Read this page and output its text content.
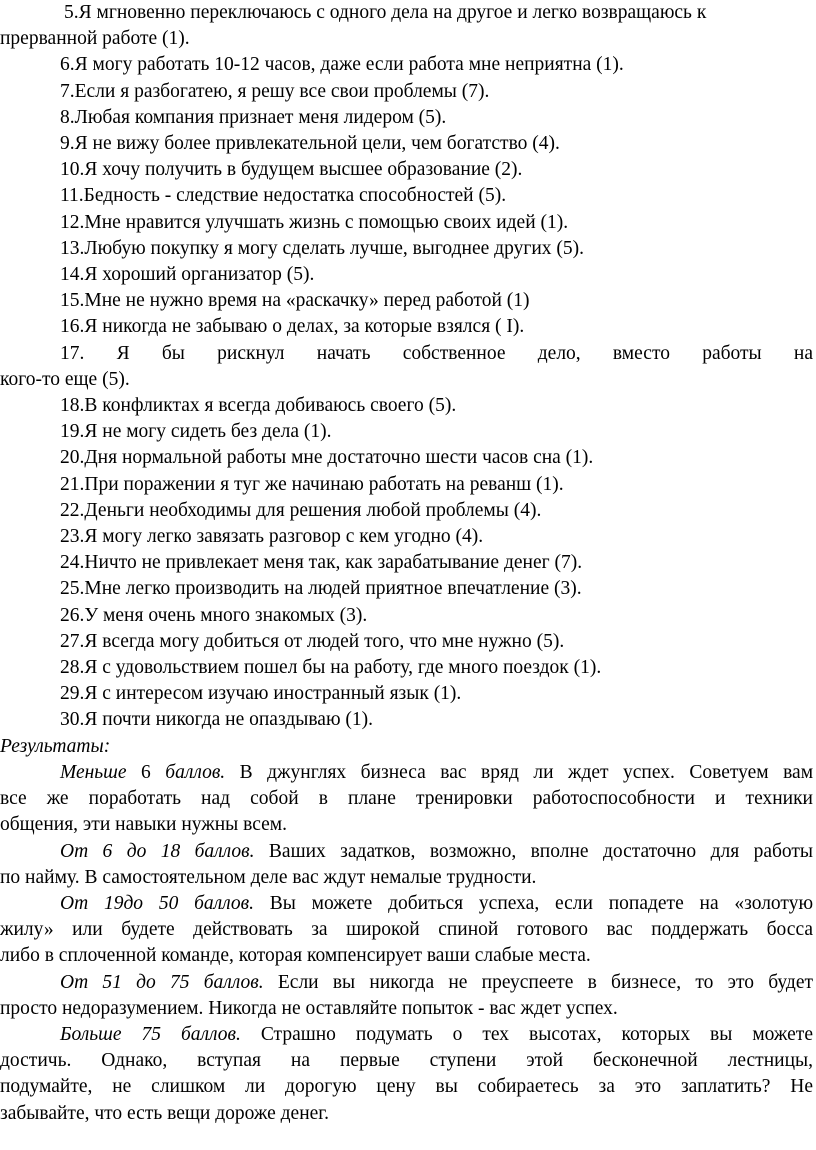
5.Я мгновенно переключаюсь с одного дела на другое и легко возвращаюсь к

прерванной работе (1).

6.Я могу работать 10-12 часов, даже если работа мне неприятна (1).

7.Если я разбогатею, я решу все свои проблемы (7).

8.Любая компания признает меня лидером (5).

9.Я не вижу более привлекательной цели, чем богатство (4).

10.Я хочу получить в будущем высшее образование (2).

11.Бедность - следствие недостатка способностей (5).

12.Мне нравится улучшать жизнь с помощью своих идей (1).

13.Любую покупку я могу сделать лучше, выгоднее других (5).

14.Я хороший организатор (5).

15.Мне не нужно время на «раскачку» перед работой (1)

16.Я никогда не забываю о делах, за которые взялся ( I).

17. Я бы рискнул начать собственное дело, вместо работы на

кого-то еще (5).

18.В конфликтах я всегда добиваюсь своего (5).

19.Я не могу сидеть без дела (1).

20.Дня нормальной работы мне достаточно шести часов сна (1).

21.При поражении я туг же начинаю работать на реванш (1).

22.Деньги необходимы для решения любой проблемы (4).

23.Я могу легко завязать разговор с кем угодно (4).

24.Ничто не привлекает меня так, как зарабатывание денег (7).

25.Мне легко производить на людей приятное впечатление (3).

26.У меня очень много знакомых (3).

27.Я всегда могу добиться от людей того, что мне нужно (5).

28.Я с удовольствием пошел бы на работу, где много поездок (1).

29.Я с интересом изучаю иностранный язык (1).

30.Я почти никогда не опаздываю (1).

Результаты:

Меньше 6 баллов. В джунглях бизнеса вас вряд ли ждет успех. Советуем вам

все же поработать над собой в плане тренировки работоспособности и техники

общения, эти навыки нужны всем.

От 6 до 18 баллов. Ваших задатков, возможно, вполне достаточно для работы

по найму. В самостоятельном деле вас ждут немалые трудности.

От 19до 50 баллов. Вы можете добиться успеха, если попадете на «золотую

жилу» или будете действовать за широкой спиной готового вас поддержать босса

либо в сплоченной команде, которая компенсирует ваши слабые места.

От 51 до 75 баллов. Если вы никогда не преуспеете в бизнесе, то это будет

просто недоразумением. Никогда не оставляйте попыток - вас ждет успех.

Больше 75 баллов. Страшно подумать о тех высотах, которых вы можете

достичь. Однако, вступая на первые ступени этой бесконечной лестницы,

подумайте, не слишком ли дорогую цену вы собираетесь за это заплатить? Не

забывайте, что есть вещи дороже денег.
